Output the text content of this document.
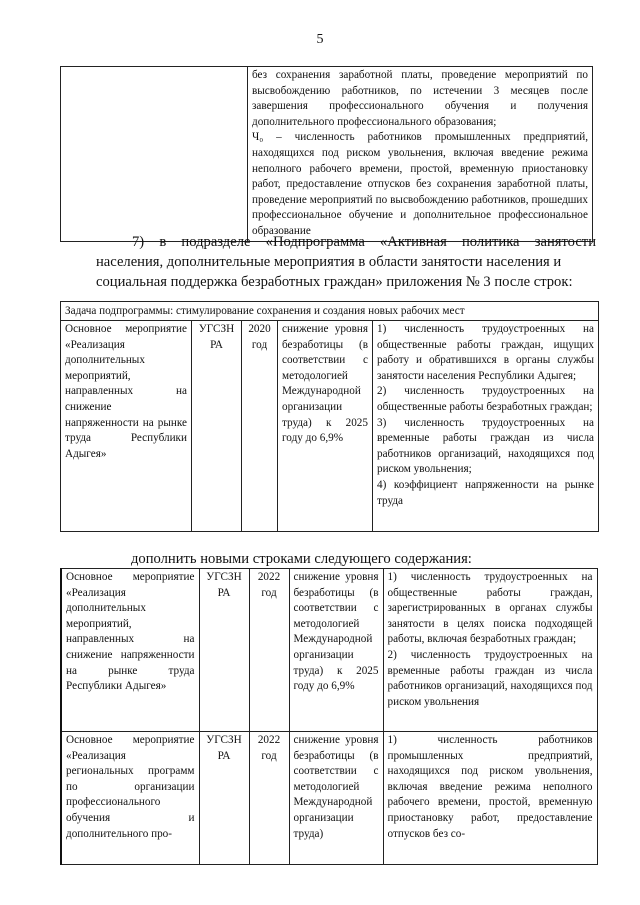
5
	без сохранения заработной платы, проведение мероприятий по высвобождению работников, по истечении 3 месяцев после завершения профессионального обучения и получения дополнительного профессионального образования;
Ч₀ – численность работников промышленных предприятий, находящихся под риском увольнения, включая введение режима неполного рабочего времени, простой, временную приостановку работ, предоставление отпусков без сохранения заработной платы, проведение мероприятий по высвобождению работников, прошедших профессиональное обучение и дополнительное профессиональное образование
7) в подразделе «Подпрограмма «Активная политика занятости населения, дополнительные мероприятия в области занятости населения и
социальная поддержка безработных граждан» приложения № 3 после строк:
Задача подпрограммы: стимулирование сохранения и создания новых рабочих мест
Основное мероприятие «Реализация дополнительных мероприятий, направленных на снижение напряженности на рынке труда Республики Адыгея»	УГСЗН РА	2020 год	снижение уровня безработицы (в соответствии с методологией Международной организации труда) к 2025 году до 6,9%	1) численность трудоустроенных на общественные работы граждан, ищущих работу и обратившихся в органы службы занятости населения Республики Адыгея;
2) численность трудоустроенных на общественные работы безработных граждан;
3) численность трудоустроенных на временные работы граждан из числа работников организаций, находящихся под риском увольнения;
4) коэффициент напряженности на рынке труда
дополнить новыми строками следующего содержания:
Основное мероприятие «Реализация дополнительных мероприятий, направленных на снижение напряженности на рынке труда Республики Адыгея»	УГСЗН РА	2022 год	снижение уровня безработицы (в соответствии с методологией Международной организации труда) к 2025 году до 6,9%	1) численность трудоустроенных на общественные работы граждан, зарегистрированных в органах службы занятости в целях поиска подходящей работы, включая безработных граждан;
2) численность трудоустроенных на временные работы граждан из числа работников организаций, находящихся под риском увольнения
Основное мероприятие «Реализация региональных программ по организации профессионального обучения и дополнительного про-	УГСЗН РА	2022 год	снижение уровня безработицы (в соответствии с методологией Международной организации труда)	1) численность работников промышленных предприятий, находящихся под риском увольнения, включая введение режима неполного рабочего времени, простой, временную приостановку работ, предоставление отпусков без со-
